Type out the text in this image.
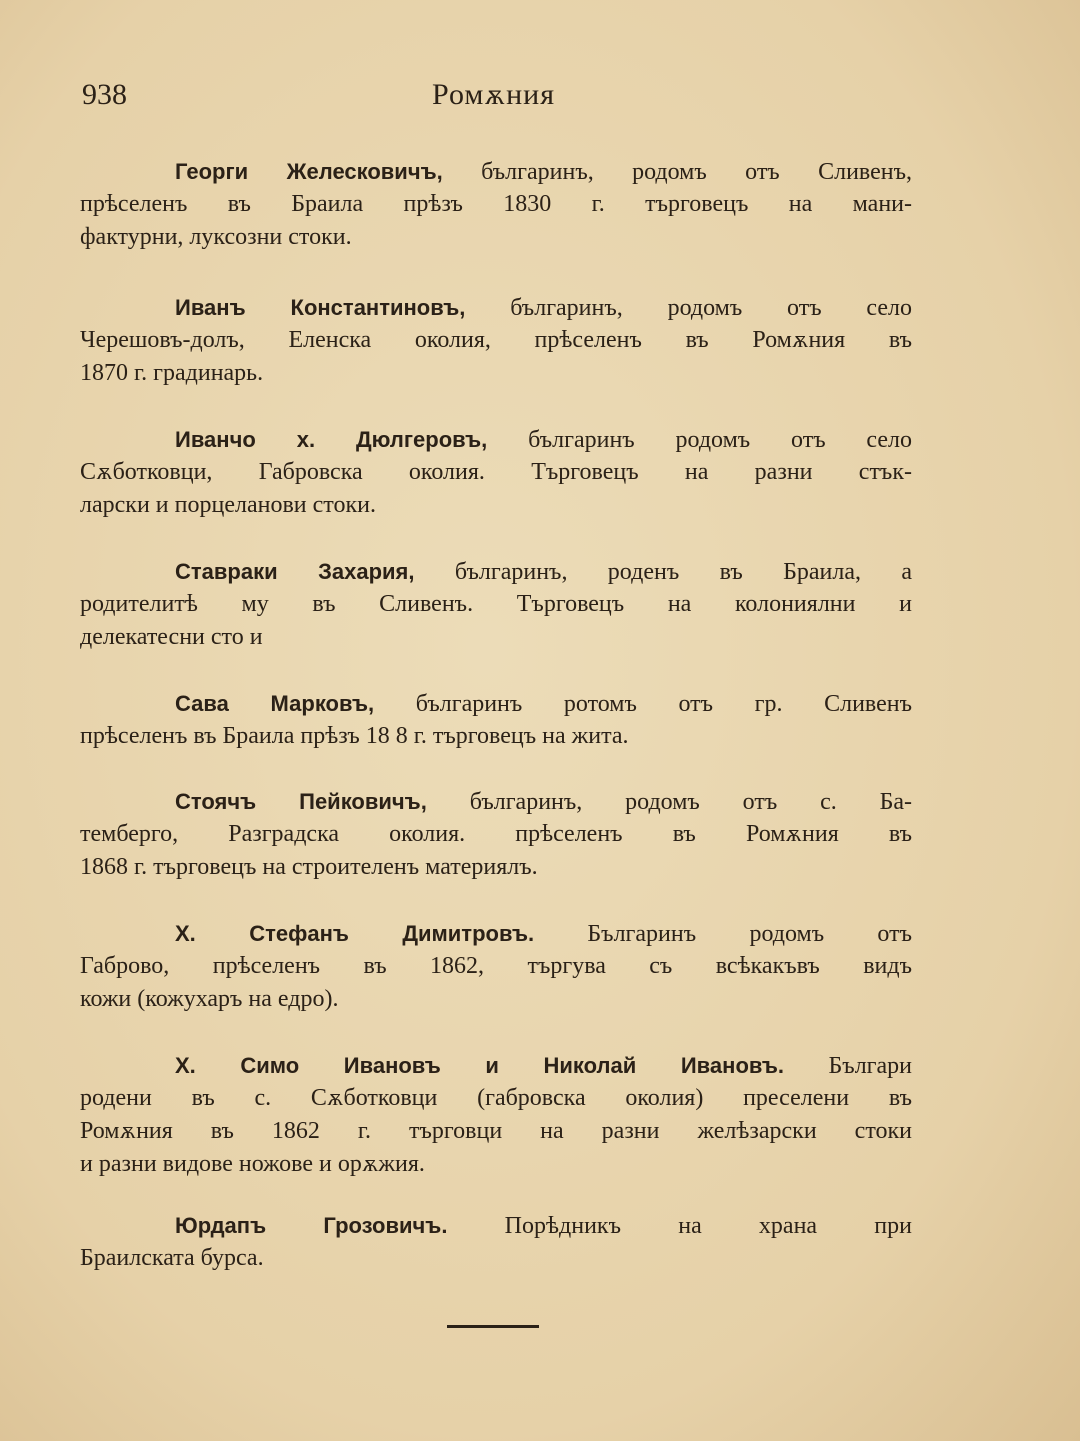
938	Ромѫния
Георги Желесковичъ, българинъ, родомъ отъ Сливенъ,
прѣселенъ въ Браила прѣзъ 1830 г. търговецъ на мани-
фактурни, луксозни стоки.
Иванъ Константиновъ, българинъ, родомъ отъ село
Черешовъ-долъ, Еленска околия, прѣселенъ въ Ромѫния въ
1870 г. градинарь.
Иванчо х. Дюлгеровъ, българинъ родомъ отъ село
Сѫботковци, Габровска околия. Търговецъ на разни стък-
ларски и порцеланови стоки.
Ставраки Захария, българинъ, роденъ въ Браила, а
родителитѣ му въ Сливенъ. Търговецъ на колониялни и
делекатесни сто и
Сава Марковъ, българинъ ротомъ отъ гр. Сливенъ
прѣселенъ въ Браила прѣзъ 18 8 г. търговецъ на жита.
Стоячъ Пейковичъ, българинъ, родомъ отъ с. Ба-
темберго, Разградска околия. прѣселенъ въ Ромѫния въ
1868 г. търговецъ на строителенъ материялъ.
Х. Стефанъ Димитровъ. Българинъ родомъ отъ
Габрово, прѣселенъ въ 1862, търгува съ всѣкакъвъ видъ
кожи (кожухаръ на едро).
Х. Симо Ивановъ и Николай Ивановъ. Българи
родени въ с. Сѫботковци (габровска околия) преселени въ
Ромѫния въ 1862 г. търговци на разни желѣзарски стоки
и разни видове ножове и орѫжия.
Юрдапъ Грозовичъ. Порѣдникъ на храна при
Браилската бурса.
